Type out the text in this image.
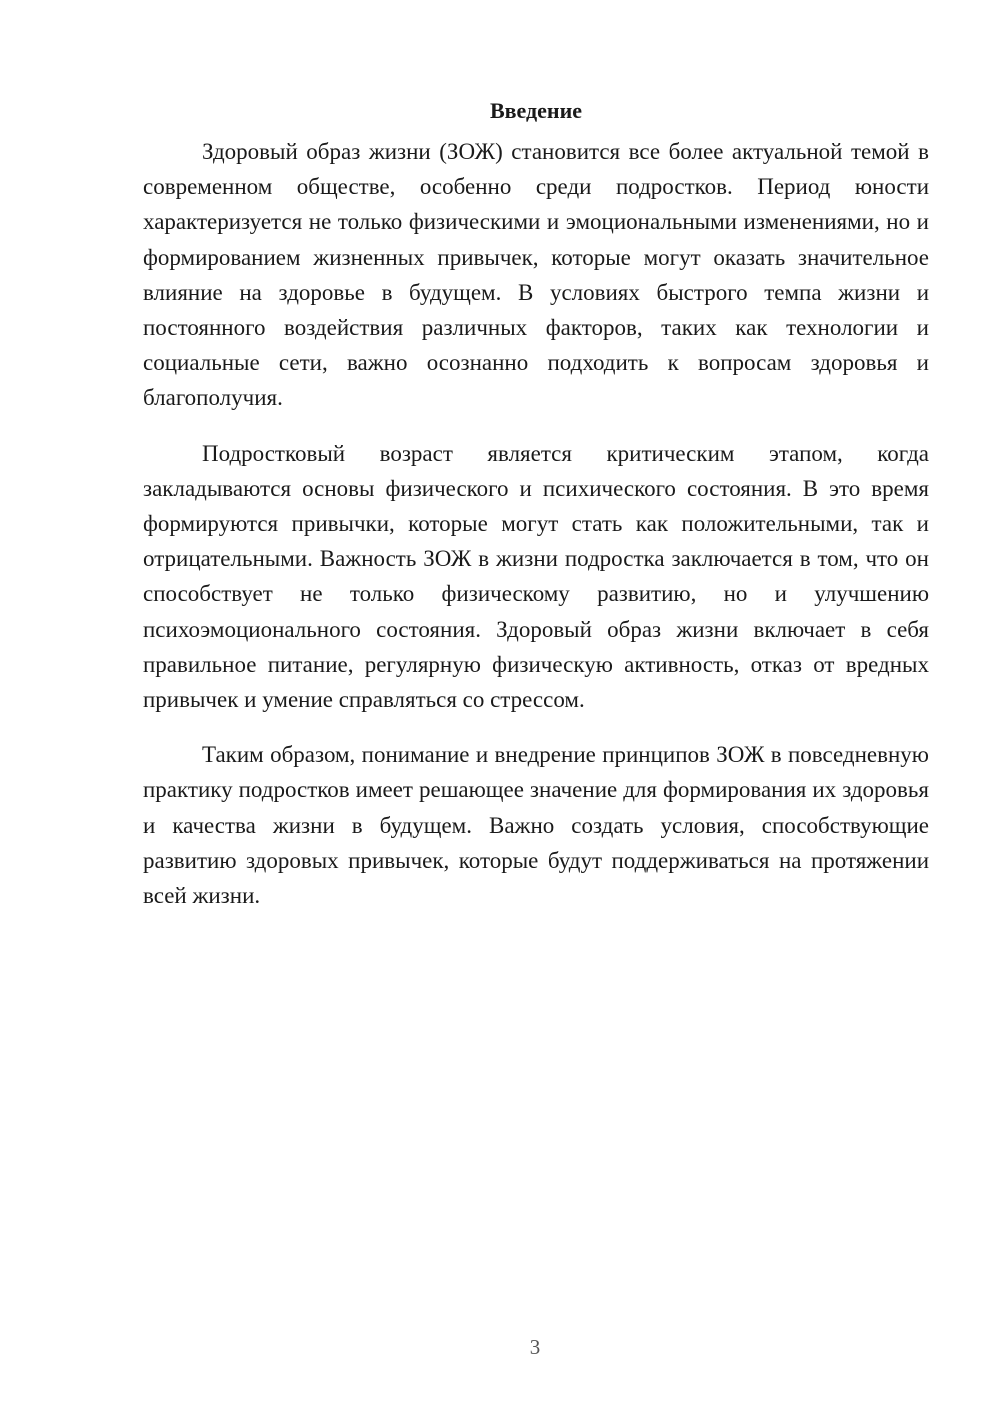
Введение

Здоровый образ жизни (ЗОЖ) становится все более актуальной темой в современном обществе, особенно среди подростков. Период юности характеризуется не только физическими и эмоциональными изменениями, но и формированием жизненных привычек, которые могут оказать значительное влияние на здоровье в будущем. В условиях быстрого темпа жизни и постоянного воздействия различных факторов, таких как технологии и социальные сети, важно осознанно подходить к вопросам здоровья и благополучия.

Подростковый возраст является критическим этапом, когда закладываются основы физического и психического состояния. В это время формируются привычки, которые могут стать как положительными, так и отрицательными. Важность ЗОЖ в жизни подростка заключается в том, что он способствует не только физическому развитию, но и улучшению психоэмоционального состояния. Здоровый образ жизни включает в себя правильное питание, регулярную физическую активность, отказ от вредных привычек и умение справляться со стрессом.

Таким образом, понимание и внедрение принципов ЗОЖ в повседневную практику подростков имеет решающее значение для формирования их здоровья и качества жизни в будущем. Важно создать условия, способствующие развитию здоровых привычек, которые будут поддерживаться на протяжении всей жизни.

3
